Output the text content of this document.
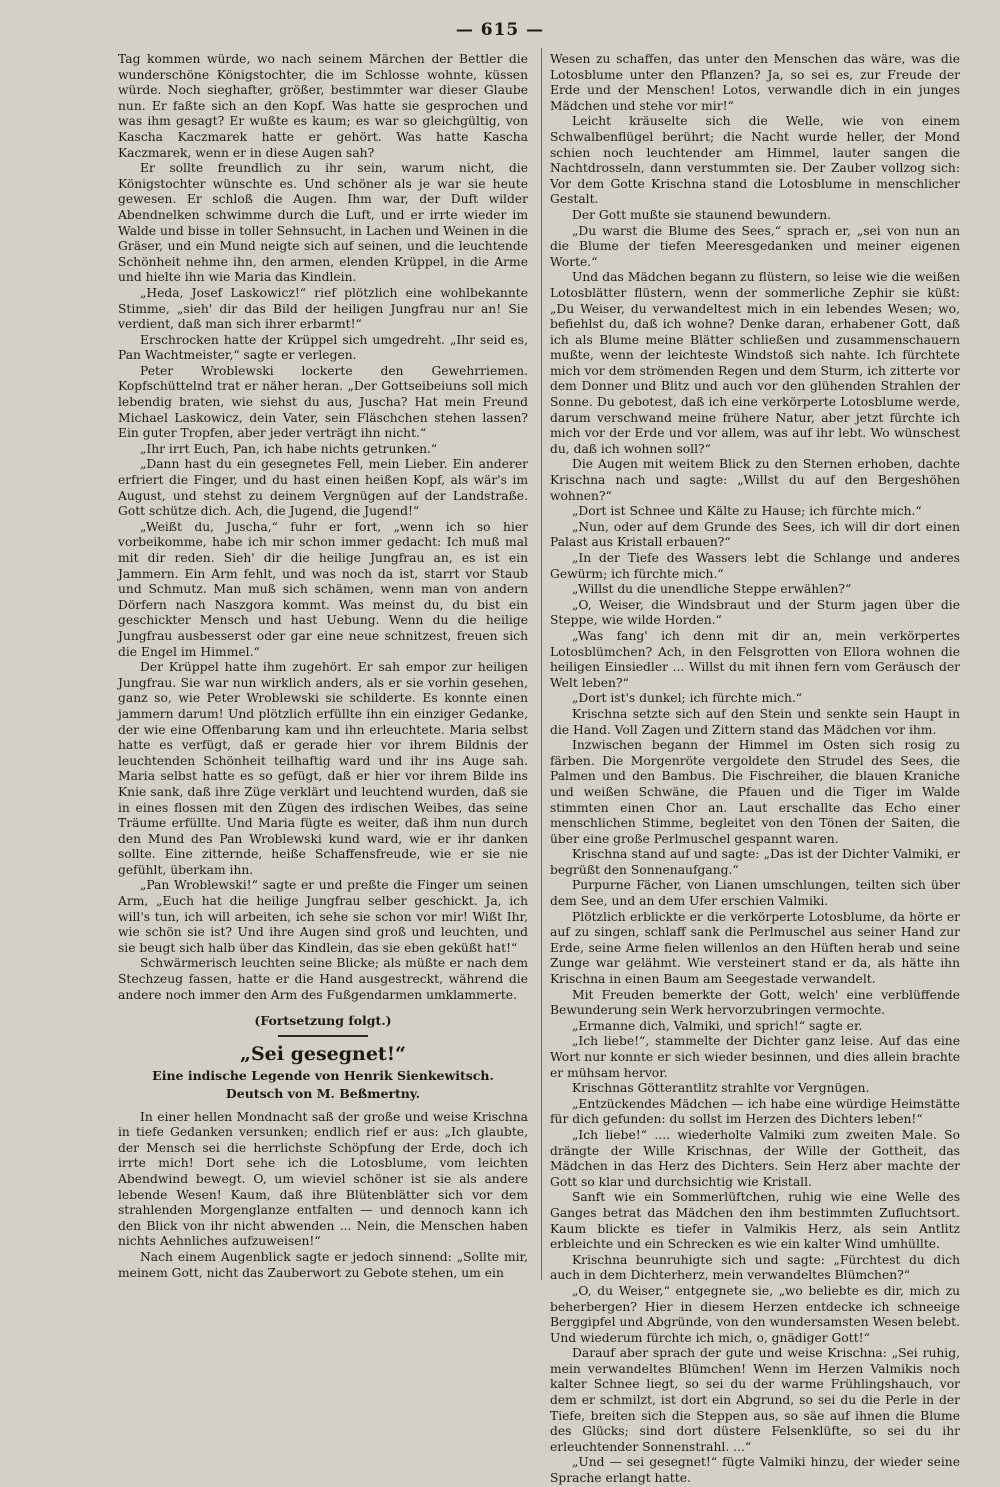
— 615 —

Tag kommen würde, wo nach seinem Märchen der Bettler die wunderschöne Königstochter, die im Schlosse wohnte, küssen würde. Noch sieghafter, größer, bestimmter war dieser Glaube nun. Er faßte sich an den Kopf. Was hatte sie gesprochen und was ihm gesagt? Er wußte es kaum; es war so gleichgültig, von Kascha Kaczmarek hatte er gehört. Was hatte Kascha Kaczmarek, wenn er in diese Augen sah?

Er sollte freundlich zu ihr sein, warum nicht, die Königstochter wünschte es. Und schöner als je war sie heute gewesen. Er schloß die Augen. Ihm war, der Duft wilder Abendnelken schwimme durch die Luft, und er irrte wieder im Walde und bisse in toller Sehnsucht, in Lachen und Weinen in die Gräser, und ein Mund neigte sich auf seinen, und die leuchtende Schönheit nehme ihn, den armen, elenden Krüppel, in die Arme und hielte ihn wie Maria das Kindlein.

„Heda, Josef Laskowicz!“ rief plötzlich eine wohlbekannte Stimme, „sieh' dir das Bild der heiligen Jungfrau nur an! Sie verdient, daß man sich ihrer erbarmt!“

Erschrocken hatte der Krüppel sich umgedreht. „Ihr seid es, Pan Wachtmeister,“ sagte er verlegen.

Peter Wroblewski lockerte den Gewehrriemen. Kopfschüttelnd trat er näher heran. „Der Gottseibeiuns soll mich lebendig braten, wie siehst du aus, Juscha? Hat mein Freund Michael Laskowicz, dein Vater, sein Fläschchen stehen lassen? Ein guter Tropfen, aber jeder verträgt ihn nicht.“

„Ihr irrt Euch, Pan, ich habe nichts getrunken.“

„Dann hast du ein gesegnetes Fell, mein Lieber. Ein anderer erfriert die Finger, und du hast einen heißen Kopf, als wär's im August, und stehst zu deinem Vergnügen auf der Landstraße. Gott schütze dich. Ach, die Jugend, die Jugend!“

„Weißt du, Juscha,“ fuhr er fort, „wenn ich so hier vorbeikomme, habe ich mir schon immer gedacht: Ich muß mal mit dir reden. Sieh' dir die heilige Jungfrau an, es ist ein Jammern. Ein Arm fehlt, und was noch da ist, starrt vor Staub und Schmutz. Man muß sich schämen, wenn man von andern Dörfern nach Naszgora kommt. Was meinst du, du bist ein geschickter Mensch und hast Uebung. Wenn du die heilige Jungfrau ausbesserst oder gar eine neue schnitzest, freuen sich die Engel im Himmel.“

Der Krüppel hatte ihm zugehört. Er sah empor zur heiligen Jungfrau. Sie war nun wirklich anders, als er sie vorhin gesehen, ganz so, wie Peter Wroblewski sie schilderte. Es konnte einen jammern darum! Und plötzlich erfüllte ihn ein einziger Gedanke, der wie eine Offenbarung kam und ihn erleuchtete. Maria selbst hatte es verfügt, daß er gerade hier vor ihrem Bildnis der leuchtenden Schönheit teilhaftig ward und ihr ins Auge sah. Maria selbst hatte es so gefügt, daß er hier vor ihrem Bilde ins Knie sank, daß ihre Züge verklärt und leuchtend wurden, daß sie in eines flossen mit den Zügen des irdischen Weibes, das seine Träume erfüllte. Und Maria fügte es weiter, daß ihm nun durch den Mund des Pan Wroblewski kund ward, wie er ihr danken sollte. Eine zitternde, heiße Schaffensfreude, wie er sie nie gefühlt, überkam ihn.

„Pan Wroblewski!“ sagte er und preßte die Finger um seinen Arm, „Euch hat die heilige Jungfrau selber geschickt. Ja, ich will's tun, ich will arbeiten, ich sehe sie schon vor mir! Wißt Ihr, wie schön sie ist? Und ihre Augen sind groß und leuchten, und sie beugt sich halb über das Kindlein, das sie eben geküßt hat!“

Schwärmerisch leuchten seine Blicke; als müßte er nach dem Stechzeug fassen, hatte er die Hand ausgestreckt, während die andere noch immer den Arm des Fußgendarmen umklammerte.

(Fortsetzung folgt.)
„Sei gesegnet!“
Eine indische Legende von Henrik Sienkewitsch.
Deutsch von M. Beßmertny.

In einer hellen Mondnacht saß der große und weise Krischna in tiefe Gedanken versunken; endlich rief er aus: „Ich glaubte, der Mensch sei die herrlichste Schöpfung der Erde, doch ich irrte mich! Dort sehe ich die Lotosblume, vom leichten Abendwind bewegt. O, um wieviel schöner ist sie als andere lebende Wesen! Kaum, daß ihre Blütenblätter sich vor dem strahlenden Morgenglanze entfalten — und dennoch kann ich den Blick von ihr nicht abwenden ... Nein, die Menschen haben nichts Aehnliches aufzuweisen!“

Nach einem Augenblick sagte er jedoch sinnend: „Sollte mir, meinem Gott, nicht das Zauberwort zu Gebote stehen, um ein

Wesen zu schaffen, das unter den Menschen das wäre, was die Lotosblume unter den Pflanzen? Ja, so sei es, zur Freude der Erde und der Menschen! Lotos, verwandle dich in ein junges Mädchen und stehe vor mir!“

Leicht kräuselte sich die Welle, wie von einem Schwalbenflügel berührt; die Nacht wurde heller, der Mond schien noch leuchtender am Himmel, lauter sangen die Nachtdrosseln, dann verstummten sie. Der Zauber vollzog sich: Vor dem Gotte Krischna stand die Lotosblume in menschlicher Gestalt.

Der Gott mußte sie staunend bewundern.

„Du warst die Blume des Sees,“ sprach er, „sei von nun an die Blume der tiefen Meeresgedanken und meiner eigenen Worte.“

Und das Mädchen begann zu flüstern, so leise wie die weißen Lotosblätter flüstern, wenn der sommerliche Zephir sie küßt: „Du Weiser, du verwandeltest mich in ein lebendes Wesen; wo, befiehlst du, daß ich wohne? Denke daran, erhabener Gott, daß ich als Blume meine Blätter schließen und zusammenschauern mußte, wenn der leichteste Windstoß sich nahte. Ich fürchtete mich vor dem strömenden Regen und dem Sturm, ich zitterte vor dem Donner und Blitz und auch vor den glühenden Strahlen der Sonne. Du gebotest, daß ich eine verkörperte Lotosblume werde, darum verschwand meine frühere Natur, aber jetzt fürchte ich mich vor der Erde und vor allem, was auf ihr lebt. Wo wünschest du, daß ich wohnen soll?“

Die Augen mit weitem Blick zu den Sternen erhoben, dachte Krischna nach und sagte: „Willst du auf den Bergeshöhen wohnen?“

„Dort ist Schnee und Kälte zu Hause; ich fürchte mich.“

„Nun, oder auf dem Grunde des Sees, ich will dir dort einen Palast aus Kristall erbauen?“

„In der Tiefe des Wassers lebt die Schlange und anderes Gewürm; ich fürchte mich.“

„Willst du die unendliche Steppe erwählen?“

„O, Weiser, die Windsbraut und der Sturm jagen über die Steppe, wie wilde Horden.“

„Was fang' ich denn mit dir an, mein verkörpertes Lotosblümchen? Ach, in den Felsgrotten von Ellora wohnen die heiligen Einsiedler ... Willst du mit ihnen fern vom Geräusch der Welt leben?“

„Dort ist's dunkel; ich fürchte mich.“

Krischna setzte sich auf den Stein und senkte sein Haupt in die Hand. Voll Zagen und Zittern stand das Mädchen vor ihm.

Inzwischen begann der Himmel im Osten sich rosig zu färben. Die Morgenröte vergoldete den Strudel des Sees, die Palmen und den Bambus. Die Fischreiher, die blauen Kraniche und weißen Schwäne, die Pfauen und die Tiger im Walde stimmten einen Chor an. Laut erschallte das Echo einer menschlichen Stimme, begleitet von den Tönen der Saiten, die über eine große Perlmuschel gespannt waren.

Krischna stand auf und sagte: „Das ist der Dichter Valmiki, er begrüßt den Sonnenaufgang.“

Purpurne Fächer, von Lianen umschlungen, teilten sich über dem See, und an dem Ufer erschien Valmiki.

Plötzlich erblickte er die verkörperte Lotosblume, da hörte er auf zu singen, schlaff sank die Perlmuschel aus seiner Hand zur Erde, seine Arme fielen willenlos an den Hüften herab und seine Zunge war gelähmt. Wie versteinert stand er da, als hätte ihn Krischna in einen Baum am Seegestade verwandelt.

Mit Freuden bemerkte der Gott, welch' eine verblüffende Bewunderung sein Werk hervorzubringen vermochte.

„Ermanne dich, Valmiki, und sprich!“ sagte er.

„Ich liebe!“, stammelte der Dichter ganz leise. Auf das eine Wort nur konnte er sich wieder besinnen, und dies allein brachte er mühsam hervor.

Krischnas Götterantlitz strahlte vor Vergnügen.

„Entzückendes Mädchen — ich habe eine würdige Heimstätte für dich gefunden: du sollst im Herzen des Dichters leben!“

„Ich liebe!“ .... wiederholte Valmiki zum zweiten Male. So drängte der Wille Krischnas, der Wille der Gottheit, das Mädchen in das Herz des Dichters. Sein Herz aber machte der Gott so klar und durchsichtig wie Kristall.

Sanft wie ein Sommerlüftchen, ruhig wie eine Welle des Ganges betrat das Mädchen den ihm bestimmten Zufluchtsort. Kaum blickte es tiefer in Valmikis Herz, als sein Antlitz erbleichte und ein Schrecken es wie ein kalter Wind umhüllte.

Krischna beunruhigte sich und sagte: „Fürchtest du dich auch in dem Dichterherz, mein verwandeltes Blümchen?“

„O, du Weiser,“ entgegnete sie, „wo beliebte es dir, mich zu beherbergen? Hier in diesem Herzen entdecke ich schneeige Berggipfel und Abgründe, von den wundersamsten Wesen belebt. Und wiederum fürchte ich mich, o, gnädiger Gott!“

Darauf aber sprach der gute und weise Krischna: „Sei ruhig, mein verwandeltes Blümchen! Wenn im Herzen Valmikis noch kalter Schnee liegt, so sei du der warme Frühlingshauch, vor dem er schmilzt, ist dort ein Abgrund, so sei du die Perle in der Tiefe, breiten sich die Steppen aus, so säe auf ihnen die Blume des Glücks; sind dort düstere Felsenklüfte, so sei du ihr erleuchtender Sonnenstrahl. ...“

„Und — sei gesegnet!“ fügte Valmiki hinzu, der wieder seine Sprache erlangt hatte.
